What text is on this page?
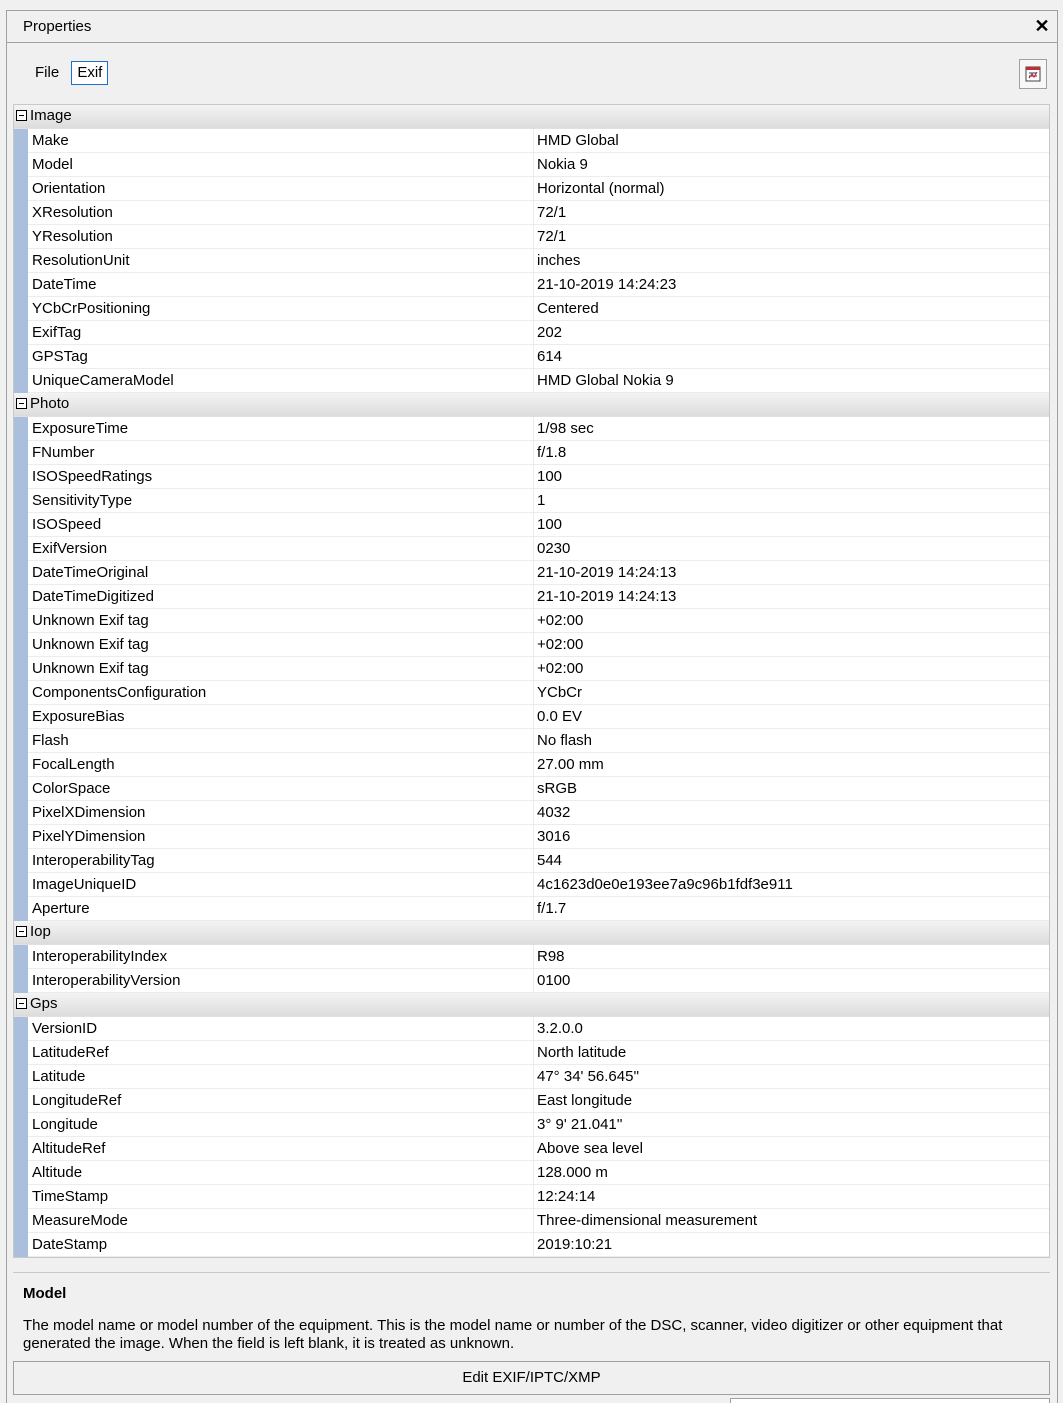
Properties	✕
File Exif
Image
Make	HMD Global
Model	Nokia 9
Orientation	Horizontal (normal)
XResolution	72/1
YResolution	72/1
ResolutionUnit	inches
DateTime	21-10-2019 14:24:23
YCbCrPositioning	Centered
ExifTag	202
GPSTag	614
UniqueCameraModel	HMD Global Nokia 9
Photo
ExposureTime	1/98 sec
FNumber	f/1.8
ISOSpeedRatings	100
SensitivityType	1
ISOSpeed	100
ExifVersion	0230
DateTimeOriginal	21-10-2019 14:24:13
DateTimeDigitized	21-10-2019 14:24:13
Unknown Exif tag	+02:00
Unknown Exif tag	+02:00
Unknown Exif tag	+02:00
ComponentsConfiguration	YCbCr
ExposureBias	0.0 EV
Flash	No flash
FocalLength	27.00 mm
ColorSpace	sRGB
PixelXDimension	4032
PixelYDimension	3016
InteroperabilityTag	544
ImageUniqueID	4c1623d0e0e193ee7a9c96b1fdf3e911
Aperture	f/1.7
Iop
InteroperabilityIndex	R98
InteroperabilityVersion	0100
Gps
VersionID	3.2.0.0
LatitudeRef	North latitude
Latitude	47° 34' 56.645''
LongitudeRef	East longitude
Longitude	3° 9' 21.041''
AltitudeRef	Above sea level
Altitude	128.000 m
TimeStamp	12:24:14
MeasureMode	Three-dimensional measurement
DateStamp	2019:10:21
Model
The model name or model number of the equipment. This is the model name or number of the DSC, scanner, video digitizer or other equipment that generated the image. When the field is left blank, it is treated as unknown.
Edit EXIF/IPTC/XMP
